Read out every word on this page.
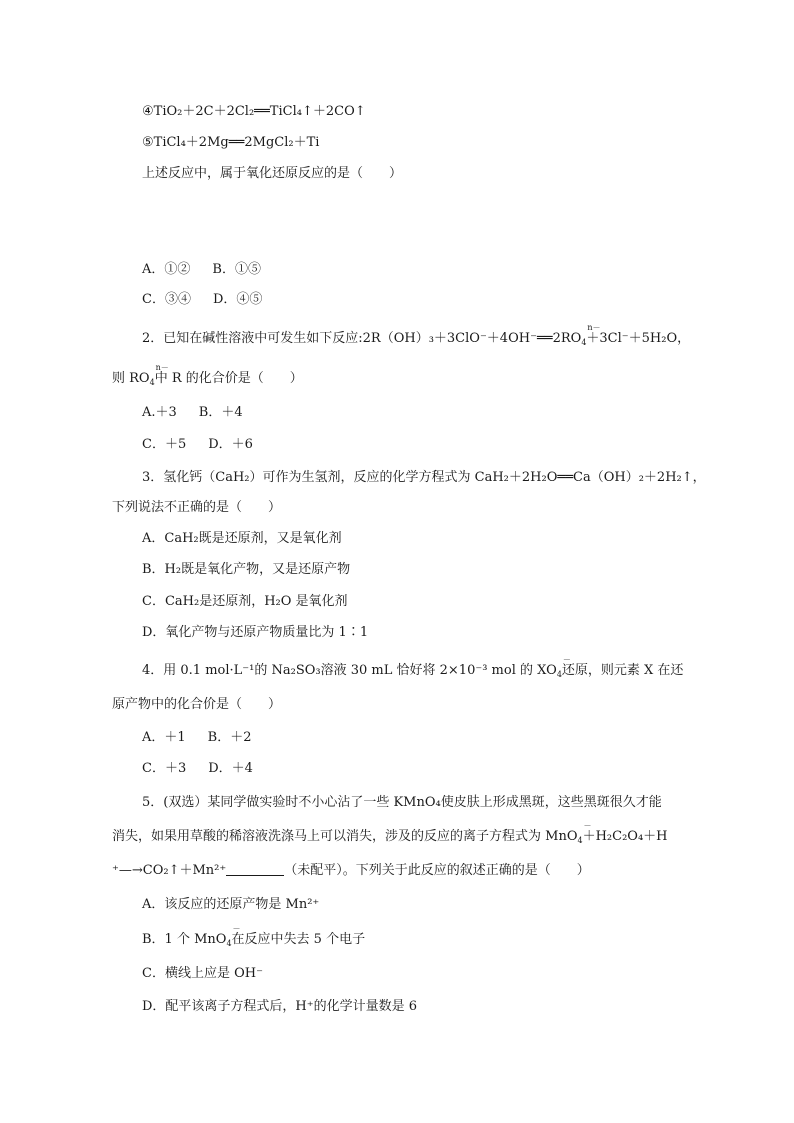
④TiO₂＋2C＋2Cl₂══TiCl₄↑＋2CO↑
⑤TiCl₄＋2Mg══2MgCl₂＋Ti
上述反应中，属于氧化还原反应的是（　　）
A．①② B．①⑤
C．③④ D．④⑤
2．已知在碱性溶液中可发生如下反应:2R（OH）₃＋3ClO⁻＋4OH⁻══2RO
n－
$_4$＋3Cl⁻＋5H₂O，
则 RO
n－
$_4$中 R 的化合价是（　　）
A.＋3 B．＋4
C．＋5 D．＋6
3．氢化钙（CaH₂）可作为生氢剂，反应的化学方程式为 CaH₂＋2H₂O══Ca（OH）₂＋2H₂↑，
下列说法不正确的是（　　）
A．CaH₂既是还原剂，又是氧化剂
B．H₂既是氧化产物，又是还原产物
C．CaH₂是还原剂，H₂O 是氧化剂
D．氧化产物与还原产物质量比为 1∶1
4．用 0.1 mol·L⁻¹的 Na₂SO₃溶液 30 mL 恰好将 2×10⁻³ mol 的 XO
－
$_4$还原，则元素 X 在还
原产物中的化合价是（　　）
A．＋1 B．＋2
C．＋3 D．＋4
5．(双选）某同学做实验时不小心沾了一些 KMnO₄使皮肤上形成黑斑，这些黑斑很久才能
消失，如果用草酸的稀溶液洗涤马上可以消失，涉及的反应的离子方程式为 MnO
－
$_4$＋H₂C₂O₄＋H
⁺—→CO₂↑＋Mn²⁺	（未配平）。下列关于此反应的叙述正确的是（　　）
A．该反应的还原产物是 Mn²⁺
B．1 个 MnO
－
$_4$在反应中失去 5 个电子
C．横线上应是 OH⁻
D．配平该离子方程式后，H⁺的化学计量数是 6
